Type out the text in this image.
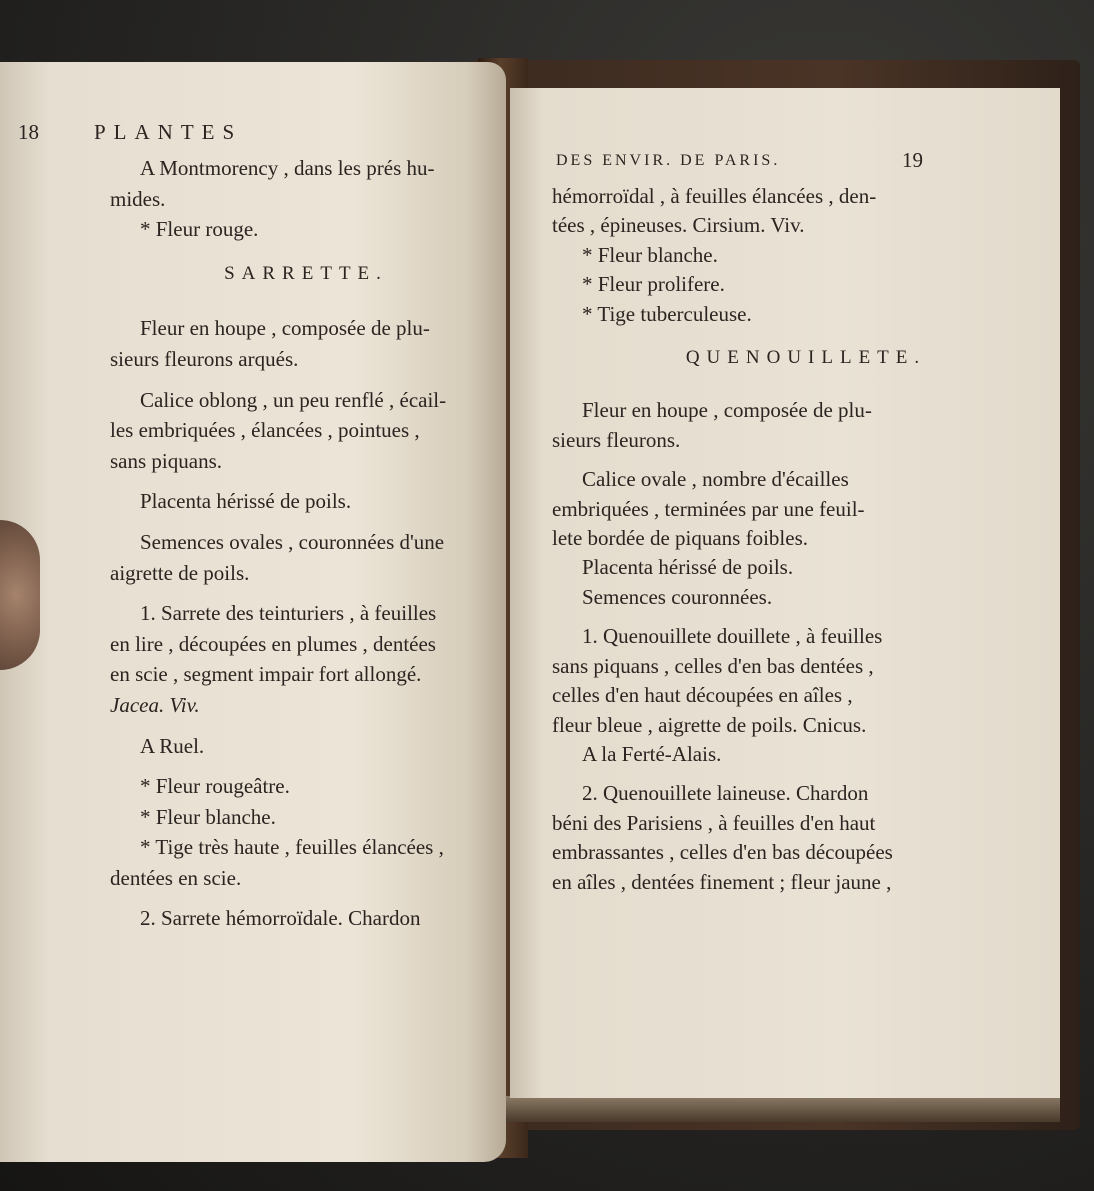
18	PLANTES

A Montmorency , dans les prés hu-

mides.

* Fleur rouge.

SARRETTE.

Fleur en houpe , composée de plu-

sieurs fleurons arqués.

Calice oblong , un peu renflé , écail-

les embriquées , élancées , pointues ,

sans piquans.

Placenta hérissé de poils.

Semences ovales , couronnées d'une

aigrette de poils.

1. Sarrete des teinturiers , à feuilles

en lire , découpées en plumes , dentées

en scie , segment impair fort allongé.

Jacea. Viv.

A Ruel.

* Fleur rougeâtre.

* Fleur blanche.

* Tige très haute , feuilles élancées ,

dentées en scie.

2. Sarrete hémorroïdale. Chardon

DES ENVIR. DE PARIS.	19

hémorroïdal , à feuilles élancées , den-

tées , épineuses. Cirsium. Viv.

* Fleur blanche.

* Fleur prolifere.

* Tige tuberculeuse.

QUENOUILLETE.

Fleur en houpe , composée de plu-

sieurs fleurons.

Calice ovale , nombre d'écailles

embriquées , terminées par une feuil-

lete bordée de piquans foibles.

Placenta hérissé de poils.

Semences couronnées.

1. Quenouillete douillete , à feuilles

sans piquans , celles d'en bas dentées ,

celles d'en haut découpées en aîles ,

fleur bleue , aigrette de poils. Cnicus.

A la Ferté-Alais.

2. Quenouillete laineuse. Chardon

béni des Parisiens , à feuilles d'en haut

embrassantes , celles d'en bas découpées

en aîles , dentées finement ; fleur jaune ,
